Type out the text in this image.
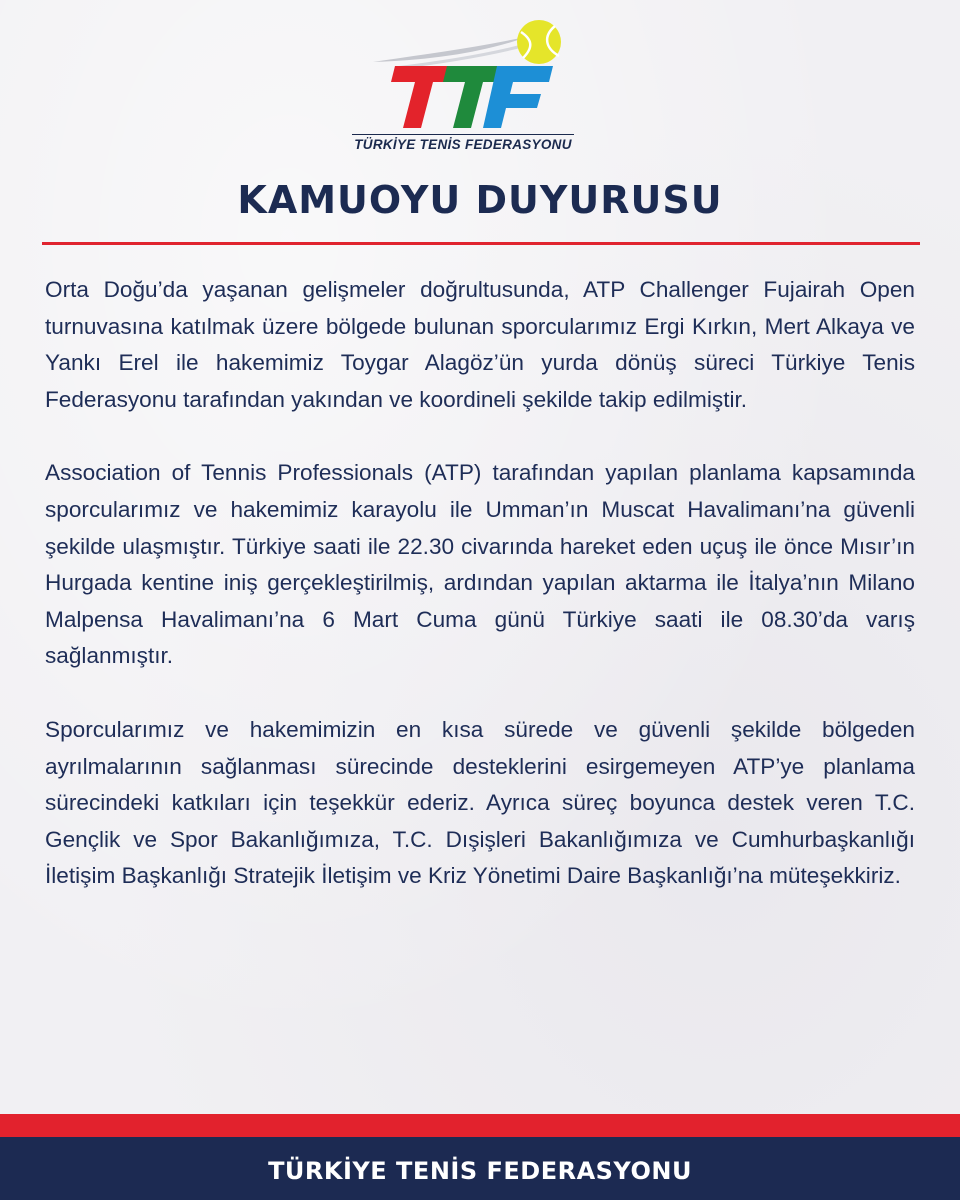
TÜRKİYE TENİS FEDERASYONU
KAMUOYU DUYURUSU

Orta Doğu’da yaşanan gelişmeler doğrultusunda, ATP Challenger Fujairah Open turnuvasına katılmak üzere bölgede bulunan sporcularımız Ergi Kırkın, Mert Alkaya ve Yankı Erel ile hakemimiz Toygar Alagöz’ün yurda dönüş süreci Türkiye Tenis Federasyonu tarafından yakından ve koordineli şekilde takip edilmiştir.

Association of Tennis Professionals (ATP) tarafından yapılan planlama kapsamında sporcularımız ve hakemimiz karayolu ile Umman’ın Muscat Havalimanı’na güvenli şekilde ulaşmıştır. Türkiye saati ile 22.30 civarında hareket eden uçuş ile önce Mısır’ın Hurgada kentine iniş gerçekleştirilmiş, ardından yapılan aktarma ile İtalya’nın Milano Malpensa Havalimanı’na 6 Mart Cuma günü Türkiye saati ile 08.30’da varış sağlanmıştır.

Sporcularımız ve hakemimizin en kısa sürede ve güvenli şekilde bölgeden ayrılmalarının sağlanması sürecinde desteklerini esirgemeyen ATP’ye planlama sürecindeki katkıları için teşekkür ederiz. Ayrıca süreç boyunca destek veren T.C. Gençlik ve Spor Bakanlığımıza, T.C. Dışişleri Bakanlığımıza ve Cumhurbaşkanlığı İletişim Başkanlığı Stratejik İletişim ve Kriz Yönetimi Daire Başkanlığı’na müteşekkiriz.

TÜRKİYE TENİS FEDERASYONU
